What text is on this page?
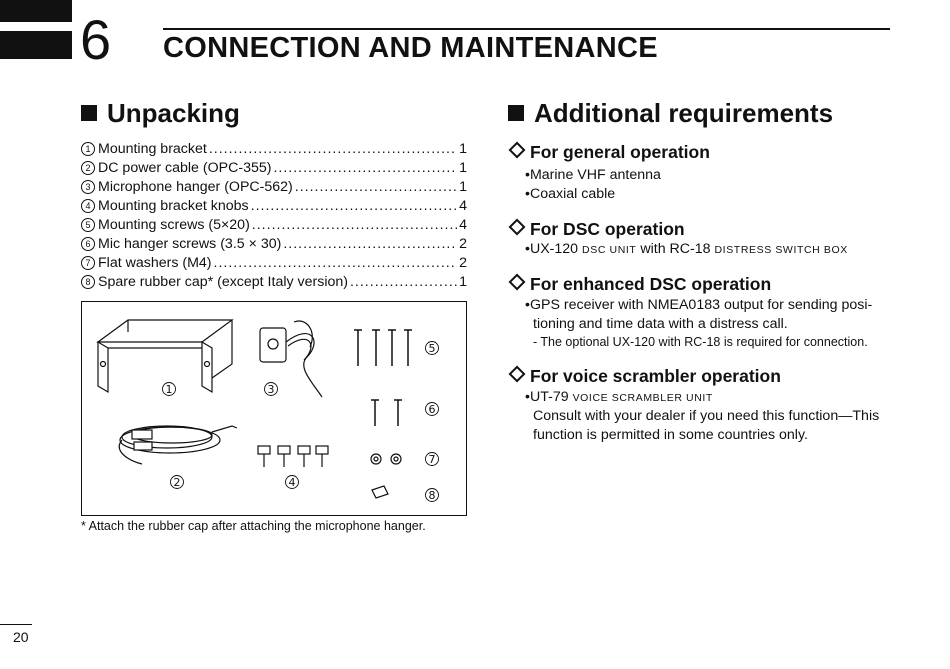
6 CONNECTION AND MAINTENANCE
Unpacking
1 Mounting bracket .....	1
2 DC power cable (OPC-355) .....	1
3 Microphone hanger (OPC-562) .....	1
4 Mounting bracket knobs .....	4
5 Mounting screws (5×20) .....	4
6 Mic hanger screws (3.5 × 30) .....	2
7 Flat washers (M4) .....	2
8 Spare rubber cap* (except Italy version) .....	1
1
2
3
4
5
6
7
8
* Attach the rubber cap after attaching the microphone hanger.
Additional requirements
For general operation
•Marine VHF antenna
•Coaxial cable
For DSC operation
•UX-120 DSC UNIT with RC-18 DISTRESS SWITCH BOX
For enhanced DSC operation
•GPS receiver with NMEA0183 output for sending posi-
tioning and time data with a distress call.
- The optional UX-120 with RC-18 is required for connection.
For voice scrambler operation
•UT-79 VOICE SCRAMBLER UNIT
Consult with your dealer if you need this function—This
function is permitted in some countries only.
20
